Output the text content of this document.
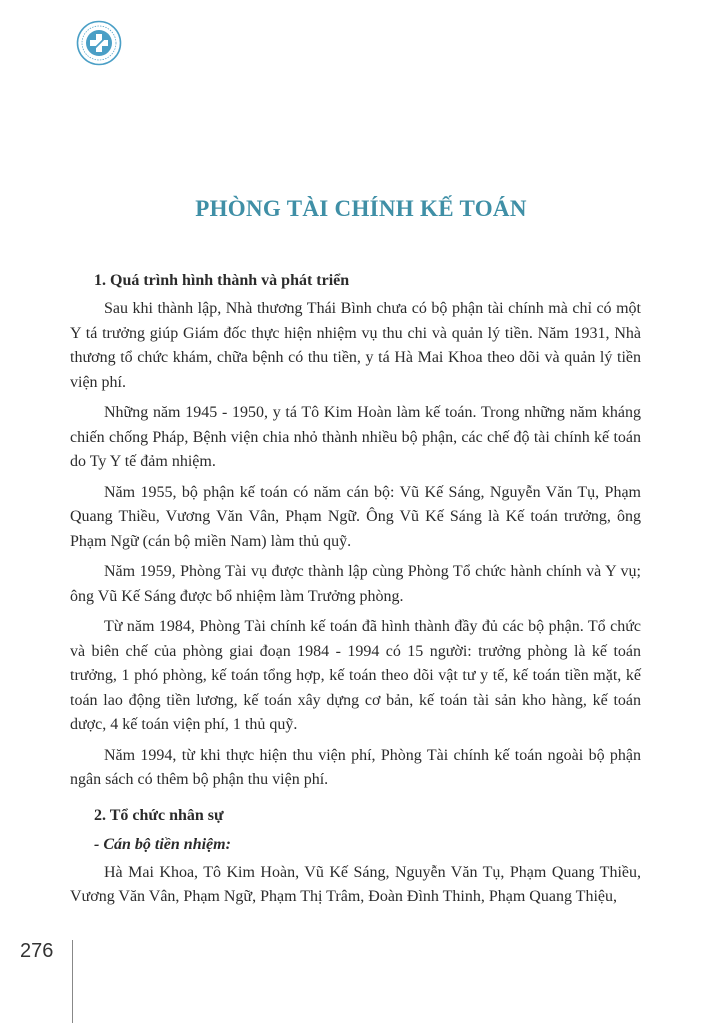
PHÒNG TÀI CHÍNH KẾ TOÁN

1. Quá trình hình thành và phát triển

Sau khi thành lập, Nhà thương Thái Bình chưa có bộ phận tài chính mà chỉ có một Y tá trưởng giúp Giám đốc thực hiện nhiệm vụ thu chi và quản lý tiền. Năm 1931, Nhà thương tổ chức khám, chữa bệnh có thu tiền, y tá Hà Mai Khoa theo dõi và quản lý tiền viện phí.

Những năm 1945 - 1950, y tá Tô Kim Hoàn làm kế toán. Trong những năm kháng chiến chống Pháp, Bệnh viện chia nhỏ thành nhiều bộ phận, các chế độ tài chính kế toán do Ty Y tế đảm nhiệm.

Năm 1955, bộ phận kế toán có năm cán bộ: Vũ Kế Sáng, Nguyễn Văn Tụ, Phạm Quang Thiều, Vương Văn Vân, Phạm Ngữ. Ông Vũ Kế Sáng là Kế toán trưởng, ông Phạm Ngữ (cán bộ miền Nam) làm thủ quỹ.

Năm 1959, Phòng Tài vụ được thành lập cùng Phòng Tổ chức hành chính và Y vụ; ông Vũ Kế Sáng được bổ nhiệm làm Trưởng phòng.

Từ năm 1984, Phòng Tài chính kế toán đã hình thành đầy đủ các bộ phận. Tổ chức và biên chế của phòng giai đoạn 1984 - 1994 có 15 người: trưởng phòng là kế toán trưởng, 1 phó phòng, kế toán tổng hợp, kế toán theo dõi vật tư y tế, kế toán tiền mặt, kế toán lao động tiền lương, kế toán xây dựng cơ bản, kế toán tài sản kho hàng, kế toán dược, 4 kế toán viện phí, 1 thủ quỹ.

Năm 1994, từ khi thực hiện thu viện phí, Phòng Tài chính kế toán ngoài bộ phận ngân sách có thêm bộ phận thu viện phí.

2. Tổ chức nhân sự

- Cán bộ tiền nhiệm:

Hà Mai Khoa, Tô Kim Hoàn, Vũ Kế Sáng, Nguyễn Văn Tụ, Phạm Quang Thiều, Vương Văn Vân, Phạm Ngữ, Phạm Thị Trâm, Đoàn Đình Thinh, Phạm Quang Thiệu,

276
